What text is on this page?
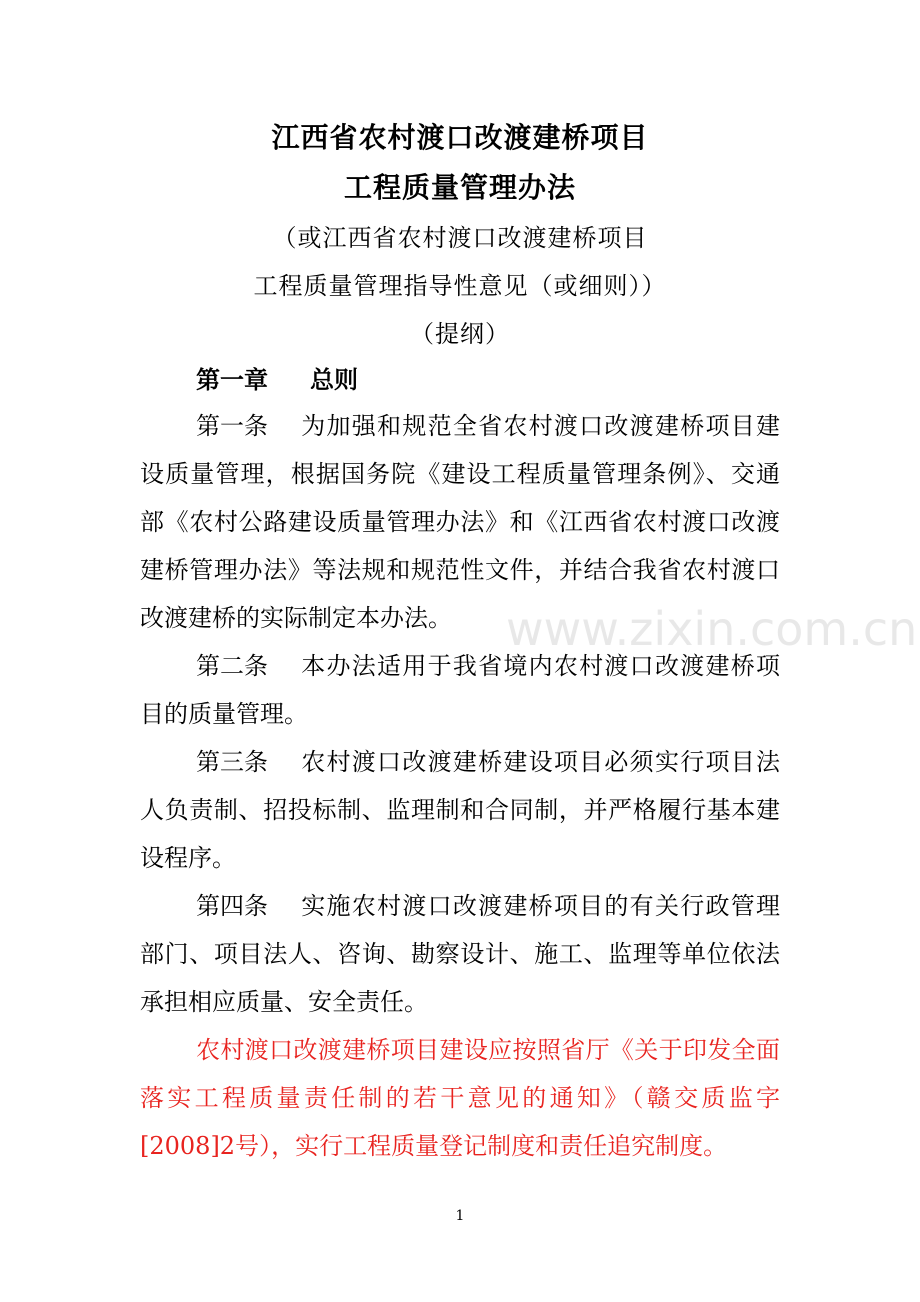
江西省农村渡口改渡建桥项目
工程质量管理办法
（或江西省农村渡口改渡建桥项目
工程质量管理指导性意见（或细则））
（提纲）
第一章 总则
第一条 为加强和规范全省农村渡口改渡建桥项目建
设质量管理，根据国务院《建设工程质量管理条例》、交通
部《农村公路建设质量管理办法》和《江西省农村渡口改渡
建桥管理办法》等法规和规范性文件，并结合我省农村渡口
改渡建桥的实际制定本办法。
第二条 本办法适用于我省境内农村渡口改渡建桥项
目的质量管理。
第三条 农村渡口改渡建桥建设项目必须实行项目法
人负责制、招投标制、监理制和合同制，并严格履行基本建
设程序。
第四条 实施农村渡口改渡建桥项目的有关行政管理
部门、项目法人、咨询、勘察设计、施工、监理等单位依法
承担相应质量、安全责任。
农村渡口改渡建桥项目建设应按照省厅《关于印发全面
落实工程质量责任制的若干意见的通知》（赣交质监字
[2008]2号），实行工程质量登记制度和责任追究制度。
www.zixin.com.cn
1
